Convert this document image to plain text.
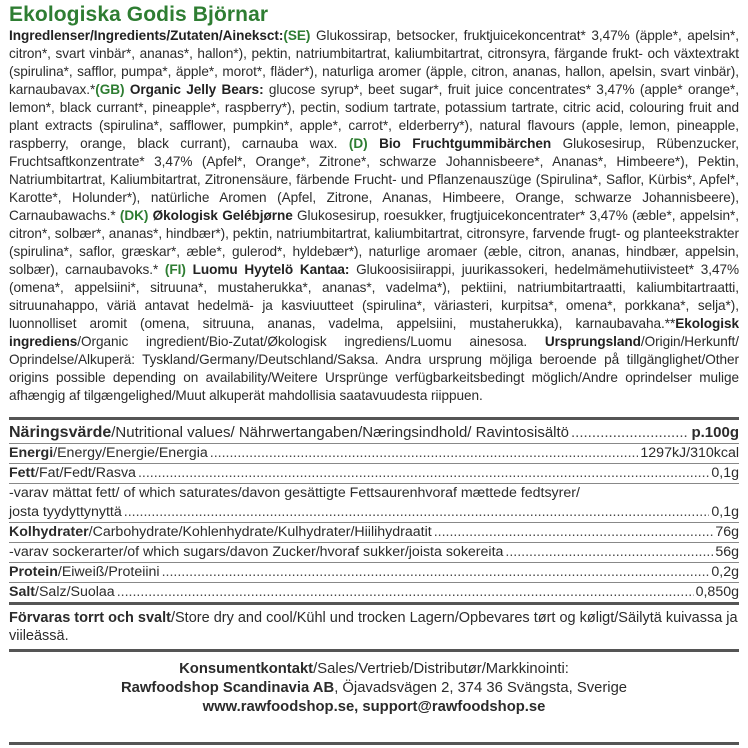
Ekologiska Godis Björnar

Ingredlenser/Ingredients/Zutaten/Aineksct:(SE) Glukossirap, betsocker, fruktjuicekoncentrat* 3,47% (äpple*, apelsin*, citron*, svart vinbär*, ananas*, hallon*), pektin, natriumbitartrat, kaliumbitartrat, citronsyra, färgande frukt- och växtextrakt (spirulina*, safflor, pumpa*, äpple*, morot*, fläder*), naturliga aromer (äpple, citron, ananas, hallon, apelsin, svart vinbär), karnaubavax.*(GB) Organic Jelly Bears: glucose syrup*, beet sugar*, fruit juice concentrates* 3,47% (apple* orange*, lemon*, black currant*, pineapple*, raspberry*), pectin, sodium tartrate, potassium tartrate, citric acid, colouring fruit and plant extracts (spirulina*, safflower, pumpkin*, apple*, carrot*, elderberry*), natural flavours (apple, lemon, pineapple, raspberry, orange, black currant), carnauba wax. (D) Bio Fruchtgummibärchen Glukosesirup, Rübenzucker, Fruchtsaftkonzentrate* 3,47% (Apfel*, Orange*, Zitrone*, schwarze Johannisbeere*, Ananas*, Himbeere*), Pektin, Natriumbitartrat, Kaliumbitartrat, Zitronensäure, färbende Frucht- und Pflanzenauszüge (Spirulina*, Saflor, Kürbis*, Apfel*, Karotte*, Holunder*), natürliche Aromen (Apfel, Zitrone, Ananas, Himbeere, Orange, schwarze Johannisbeere), Carnaubawachs.* (DK) Økologisk Gelébjørne Glukosesirup, roesukker, frugtjuicekoncentrater* 3,47% (æble*, appelsin*, citron*, solbær*, ananas*, hindbær*), pektin, natriumbitartrat, kaliumbitartrat, citronsyre, farvende frugt- og planteekstrakter (spirulina*, saflor, græskar*, æble*, gulerod*, hyldebær*), naturlige aromaer (æble, citron, ananas, hindbær, appelsin, solbær), carnaubavoks.* (FI) Luomu Hyytelö Kantaa: Glukoosisiirappi, juurikassokeri, hedelmämehutiivisteet* 3,47% (omena*, appelsiini*, sitruuna*, mustaherukka*, ananas*, vadelma*), pektiini, natriumbitartraatti, kaliumbitartraatti, sitruunahappo, väriä antavat hedelmä- ja kasviuutteet (spirulina*, väriasteri, kurpitsa*, omena*, porkkana*, selja*), luonnolliset aromit (omena, sitruuna, ananas, vadelma, appelsiini, mustaherukka), karnaubavaha.**Ekologisk ingrediens/Organic ingredient/Bio-Zutat/Økologisk ingrediens/Luomu ainesosa. Ursprungsland/Origin/Herkunft/ Oprindelse/Alkuperä: Tyskland/Germany/Deutschland/Saksa. Andra ursprung möjliga beroende på tillgänglighet/Other origins possible depending on availability/Weitere Ursprünge verfügbarkeitsbedingt möglich/Andre oprindelser mulige afhængig af tilgængelighed/Muut alkuperät mahdollisia saatavuudesta riippuen.

Näringsvärde/Nutritional values/ Nährwertangaben/Næringsindhold/ Ravintosisältö .....	p.100g
Energi/Energy/Energie/Energia .....	1297kJ/310kcal
Fett/Fat/Fedt/Rasva .....	0,1g
-varav mättat fett/ of which saturates/davon gesättigte Fettsaurenhvoraf mættede fedtsyrer/
josta tyydyttynyttä .....	0,1g
Kolhydrater/Carbohydrate/Kohlenhydrate/Kulhydrater/Hiilihydraatit .....	76g
-varav sockerarter/of which sugars/davon Zucker/hvoraf sukker/joista sokereita .....	56g
Protein/Eiweiß/Proteiini .....	0,2g
Salt/Salz/Suolaa .....	0,850g
Förvaras torrt och svalt/Store dry and cool/Kühl und trocken Lagern/Opbevares tørt og køligt/Säilytä kuivassa ja viileässä.
Konsumentkontakt/Sales/Vertrieb/Distributør/Markkinointi:
Rawfoodshop Scandinavia AB, Öjavadsvägen 2, 374 36 Svängsta, Sverige
www.rawfoodshop.se, support@rawfoodshop.se
